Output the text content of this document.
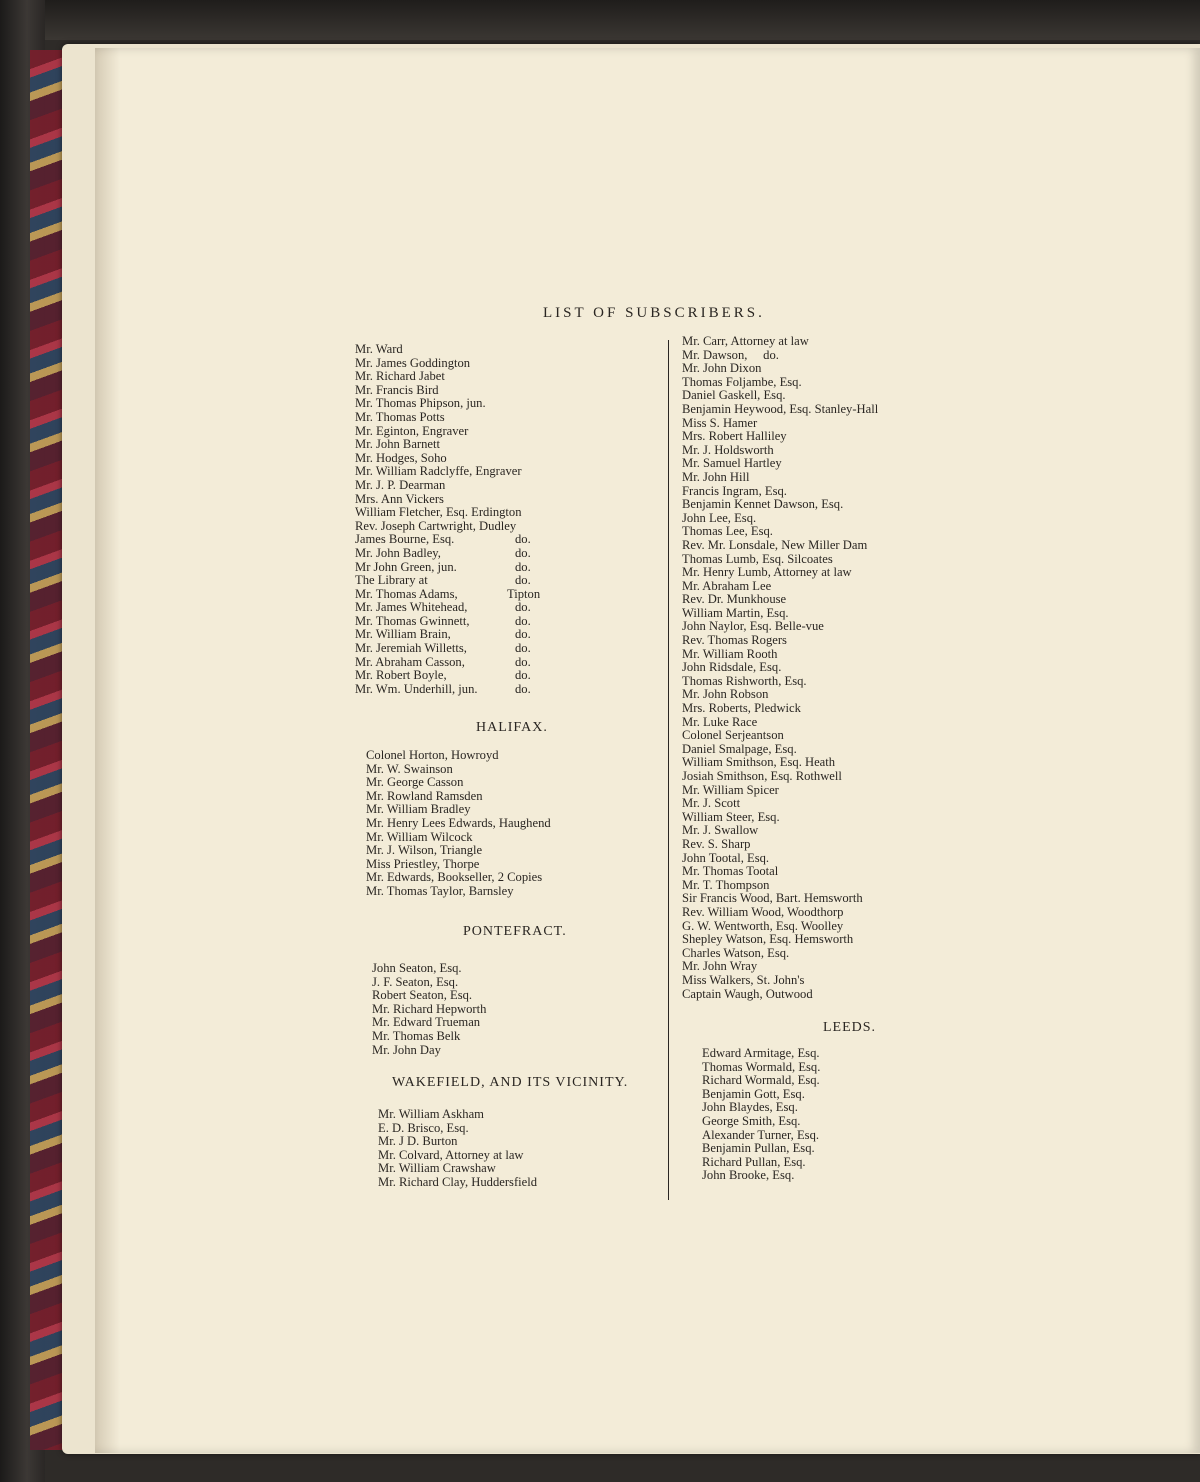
LIST OF SUBSCRIBERS.
Mr. Ward
Mr. James Goddington
Mr. Richard Jabet
Mr. Francis Bird
Mr. Thomas Phipson, jun.
Mr. Thomas Potts
Mr. Eginton, Engraver
Mr. John Barnett
Mr. Hodges, Soho
Mr. William Radclyffe, Engraver
Mr. J. P. Dearman
Mrs. Ann Vickers
William Fletcher, Esq. Erdington
Rev. Joseph Cartwright, Dudley
James Bourne, Esq.	do.
Mr. John Badley,	do.
Mr John Green, jun.	do.
The Library at	do.
Mr. Thomas Adams,	Tipton
Mr. James Whitehead,	do.
Mr. Thomas Gwinnett,	do.
Mr. William Brain,	do.
Mr. Jeremiah Willetts,	do.
Mr. Abraham Casson,	do.
Mr. Robert Boyle,	do.
Mr. Wm. Underhill, jun.	do.
HALIFAX.
Colonel Horton, Howroyd
Mr. W. Swainson
Mr. George Casson
Mr. Rowland Ramsden
Mr. William Bradley
Mr. Henry Lees Edwards, Haughend
Mr. William Wilcock
Mr. J. Wilson, Triangle
Miss Priestley, Thorpe
Mr. Edwards, Bookseller, 2 Copies
Mr. Thomas Taylor, Barnsley
PONTEFRACT.
John Seaton, Esq.
J. F. Seaton, Esq.
Robert Seaton, Esq.
Mr. Richard Hepworth
Mr. Edward Trueman
Mr. Thomas Belk
Mr. John Day
WAKEFIELD, AND ITS VICINITY.
Mr. William Askham
E. D. Brisco, Esq.
Mr. J D. Burton
Mr. Colvard, Attorney at law
Mr. William Crawshaw
Mr. Richard Clay, Huddersfield
Mr. Carr, Attorney at law
Mr. Dawson,     do.
Mr. John Dixon
Thomas Foljambe, Esq.
Daniel Gaskell, Esq.
Benjamin Heywood, Esq. Stanley-Hall
Miss S. Hamer
Mrs. Robert Halliley
Mr. J. Holdsworth
Mr. Samuel Hartley
Mr. John Hill
Francis Ingram, Esq.
Benjamin Kennet Dawson, Esq.
John Lee, Esq.
Thomas Lee, Esq.
Rev. Mr. Lonsdale, New Miller Dam
Thomas Lumb, Esq. Silcoates
Mr. Henry Lumb, Attorney at law
Mr. Abraham Lee
Rev. Dr. Munkhouse
William Martin, Esq.
John Naylor, Esq. Belle-vue
Rev. Thomas Rogers
Mr. William Rooth
John Ridsdale, Esq.
Thomas Rishworth, Esq.
Mr. John Robson
Mrs. Roberts, Pledwick
Mr. Luke Race
Colonel Serjeantson
Daniel Smalpage, Esq.
William Smithson, Esq. Heath
Josiah Smithson, Esq. Rothwell
Mr. William Spicer
Mr. J. Scott
William Steer, Esq.
Mr. J. Swallow
Rev. S. Sharp
John Tootal, Esq.
Mr. Thomas Tootal
Mr. T. Thompson
Sir Francis Wood, Bart. Hemsworth
Rev. William Wood, Woodthorp
G. W. Wentworth, Esq. Woolley
Shepley Watson, Esq. Hemsworth
Charles Watson, Esq.
Mr. John Wray
Miss Walkers, St. John's
Captain Waugh, Outwood
LEEDS.
Edward Armitage, Esq.
Thomas Wormald, Esq.
Richard Wormald, Esq.
Benjamin Gott, Esq.
John Blaydes, Esq.
George Smith, Esq.
Alexander Turner, Esq.
Benjamin Pullan, Esq.
Richard Pullan, Esq.
John Brooke, Esq.
